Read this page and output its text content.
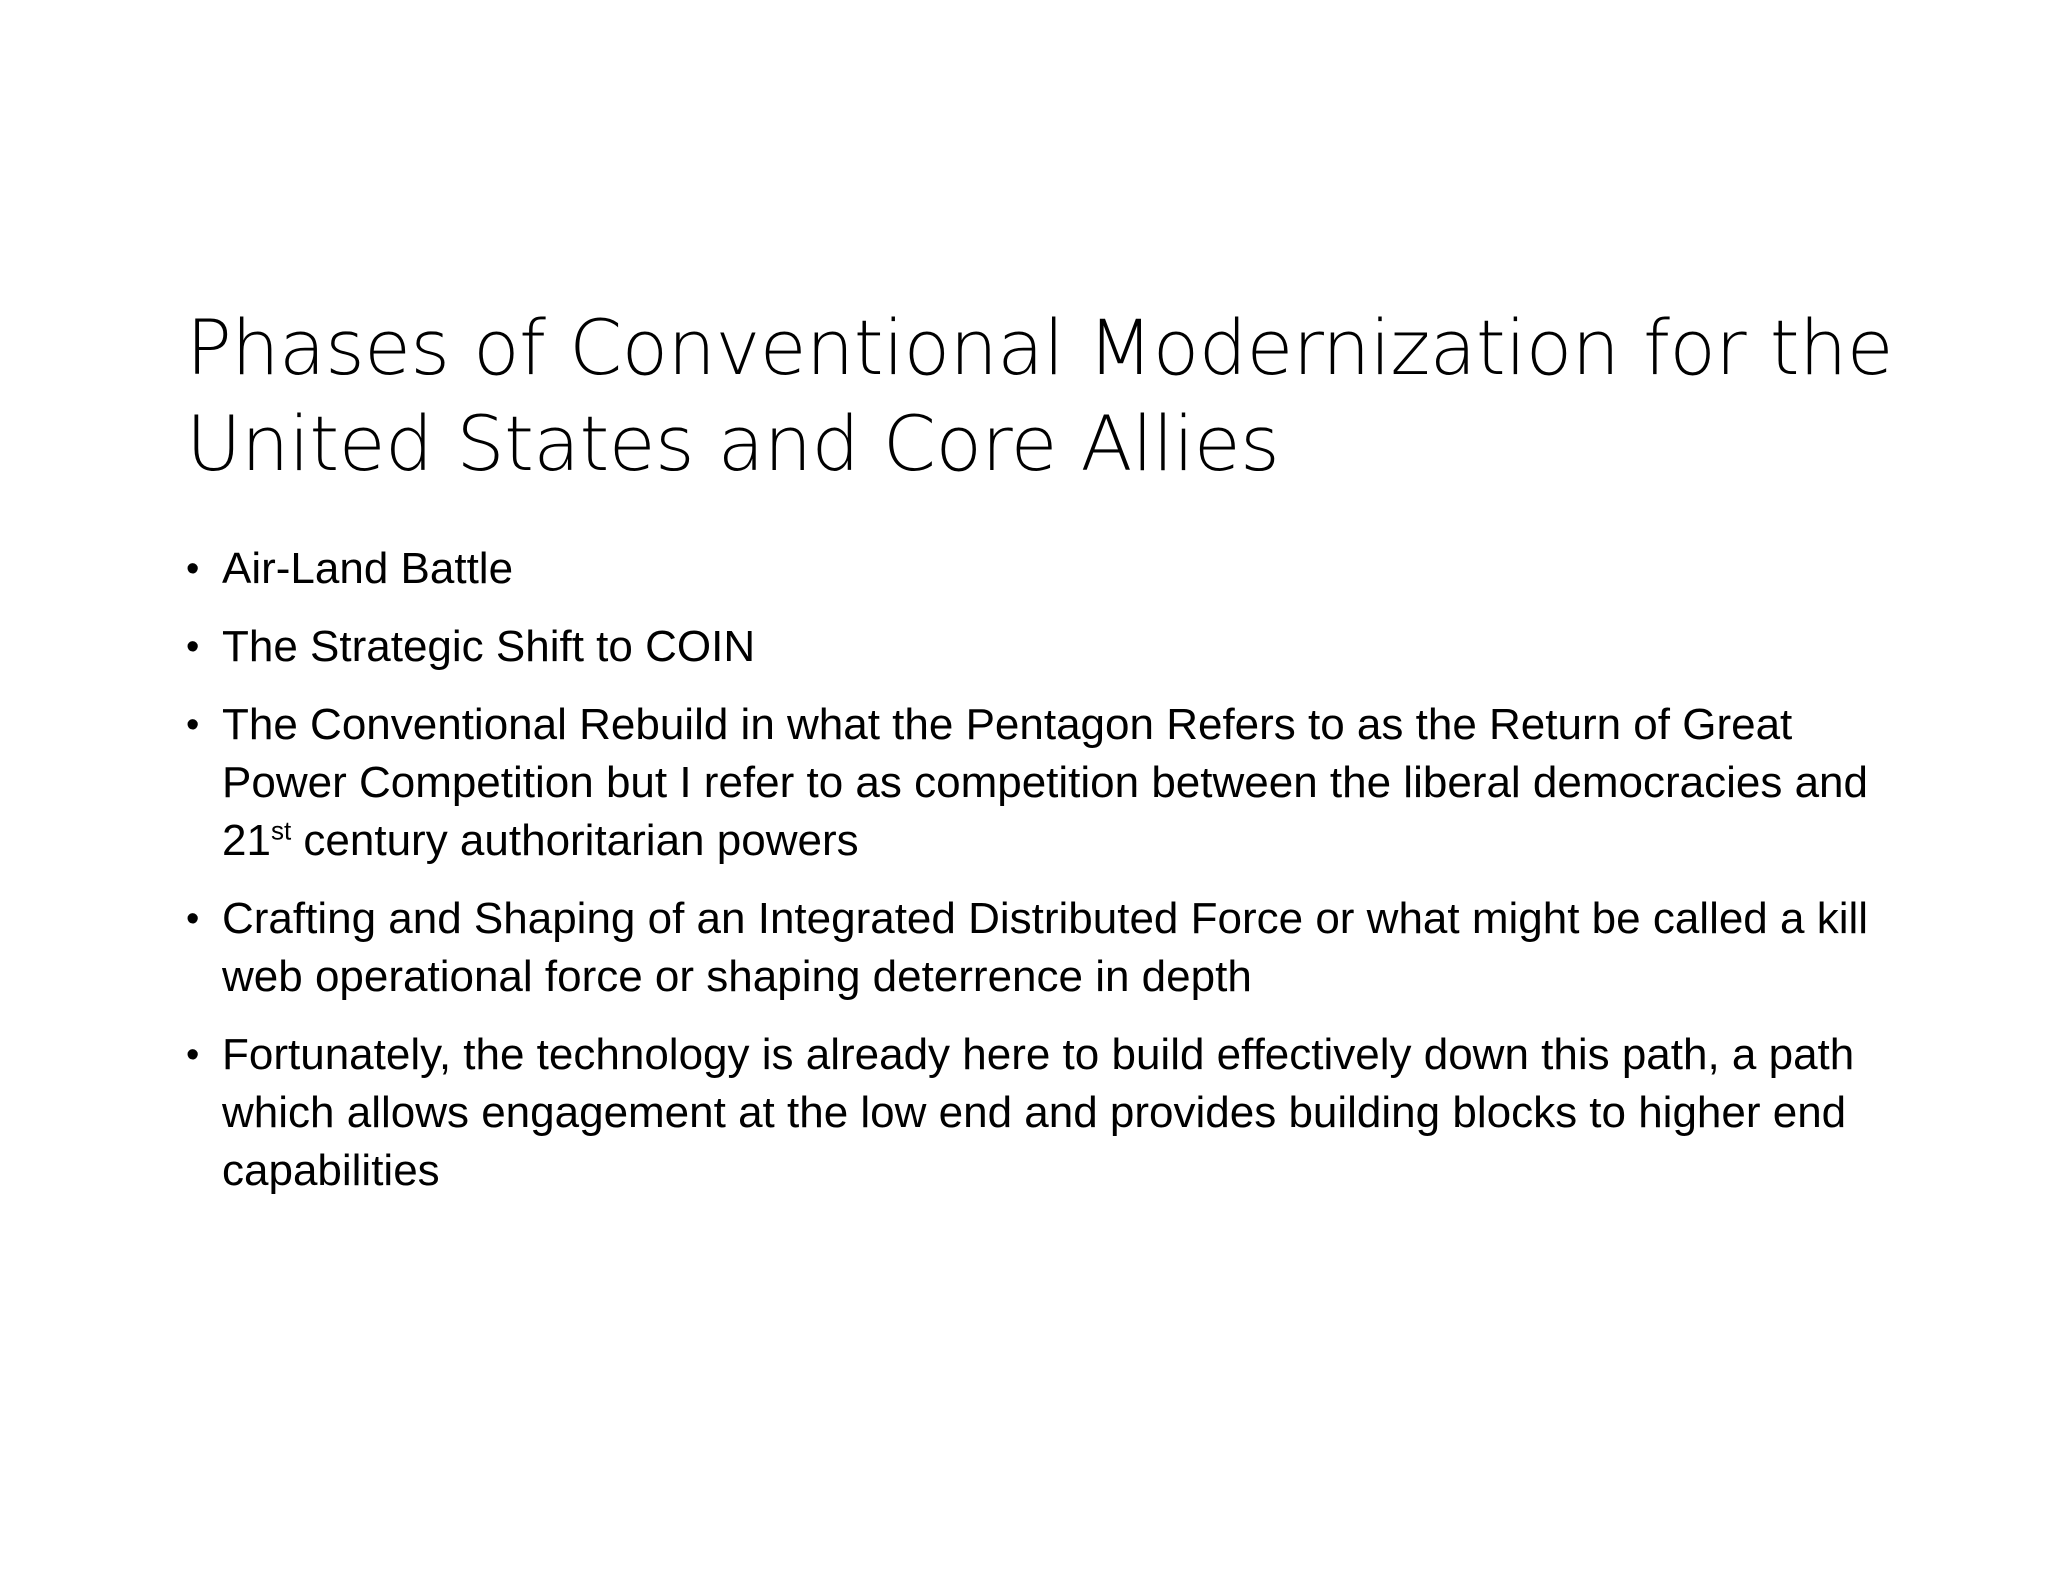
Phases of Conventional Modernization for the United States and Core Allies
• Air-Land Battle
• The Strategic Shift to COIN
• The Conventional Rebuild in what the Pentagon Refers to as the Return of Great Power Competition but I refer to as competition between the liberal democracies and 21st century authoritarian powers
• Crafting and Shaping of an Integrated Distributed Force or what might be called a kill web operational force or shaping deterrence in depth
• Fortunately, the technology is already here to build effectively down this path, a path which allows engagement at the low end and provides building blocks to higher end capabilities
